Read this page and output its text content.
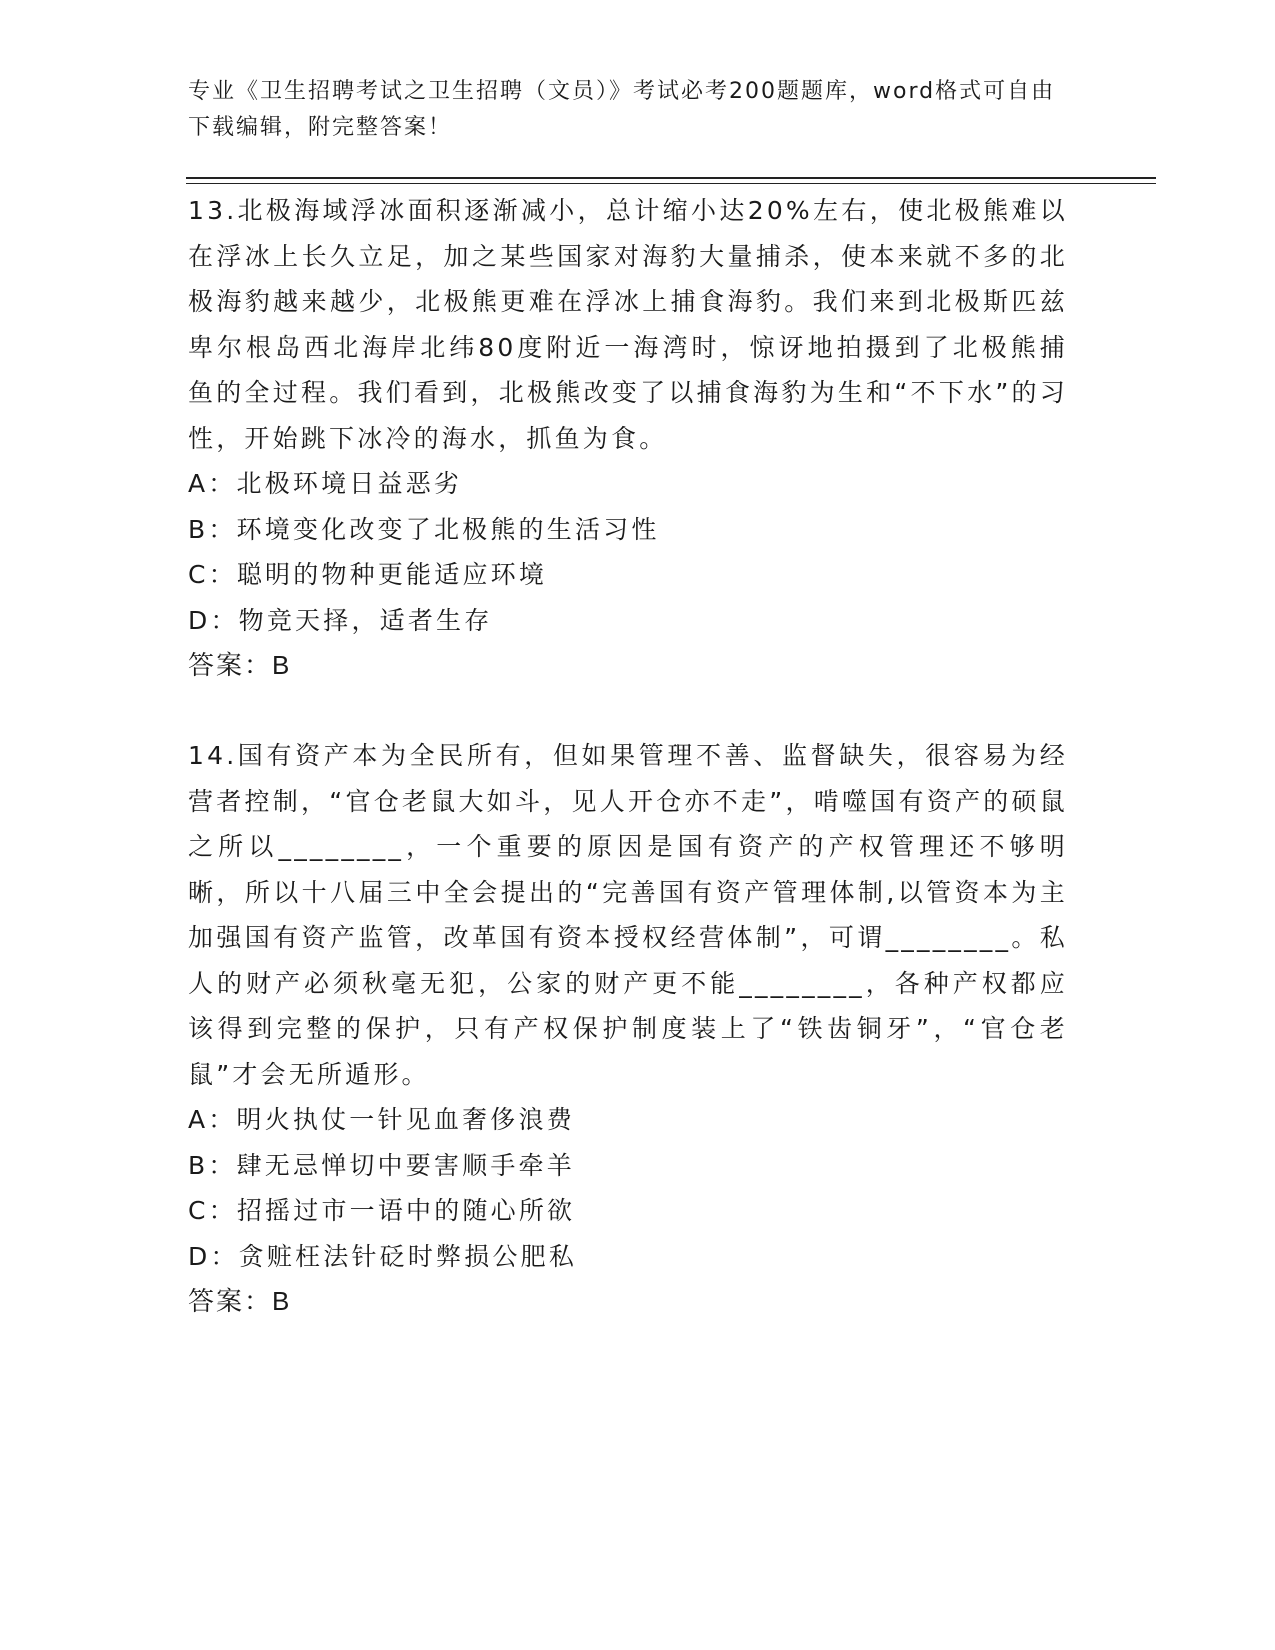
专业《卫生招聘考试之卫生招聘（文员）》考试必考200题题库，word格式可自由下载编辑，附完整答案！

13.北极海域浮冰面积逐渐减小，总计缩小达20%左右，使北极熊难以在浮冰上长久立足，加之某些国家对海豹大量捕杀，使本来就不多的北极海豹越来越少，北极熊更难在浮冰上捕食海豹。我们来到北极斯匹兹卑尔根岛西北海岸北纬80度附近一海湾时，惊讶地拍摄到了北极熊捕鱼的全过程。我们看到，北极熊改变了以捕食海豹为生和“不下水”的习性，开始跳下冰冷的海水，抓鱼为食。

A：北极环境日益恶劣

B：环境变化改变了北极熊的生活习性

C：聪明的物种更能适应环境

D：物竞天择，适者生存

答案：B

14.国有资产本为全民所有，但如果管理不善、监督缺失，很容易为经营者控制，“官仓老鼠大如斗，见人开仓亦不走”，啃噬国有资产的硕鼠之所以________，一个重要的原因是国有资产的产权管理还不够明晰，所以十八届三中全会提出的“完善国有资产管理体制,以管资本为主加强国有资产监管，改革国有资本授权经营体制”，可谓________。私人的财产必须秋毫无犯，公家的财产更不能________，各种产权都应该得到完整的保护，只有产权保护制度装上了“铁齿铜牙”，“官仓老鼠”才会无所遁形。

A：明火执仗一针见血奢侈浪费

B：肆无忌惮切中要害顺手牵羊

C：招摇过市一语中的随心所欲

D：贪赃枉法针砭时弊损公肥私

答案：B
